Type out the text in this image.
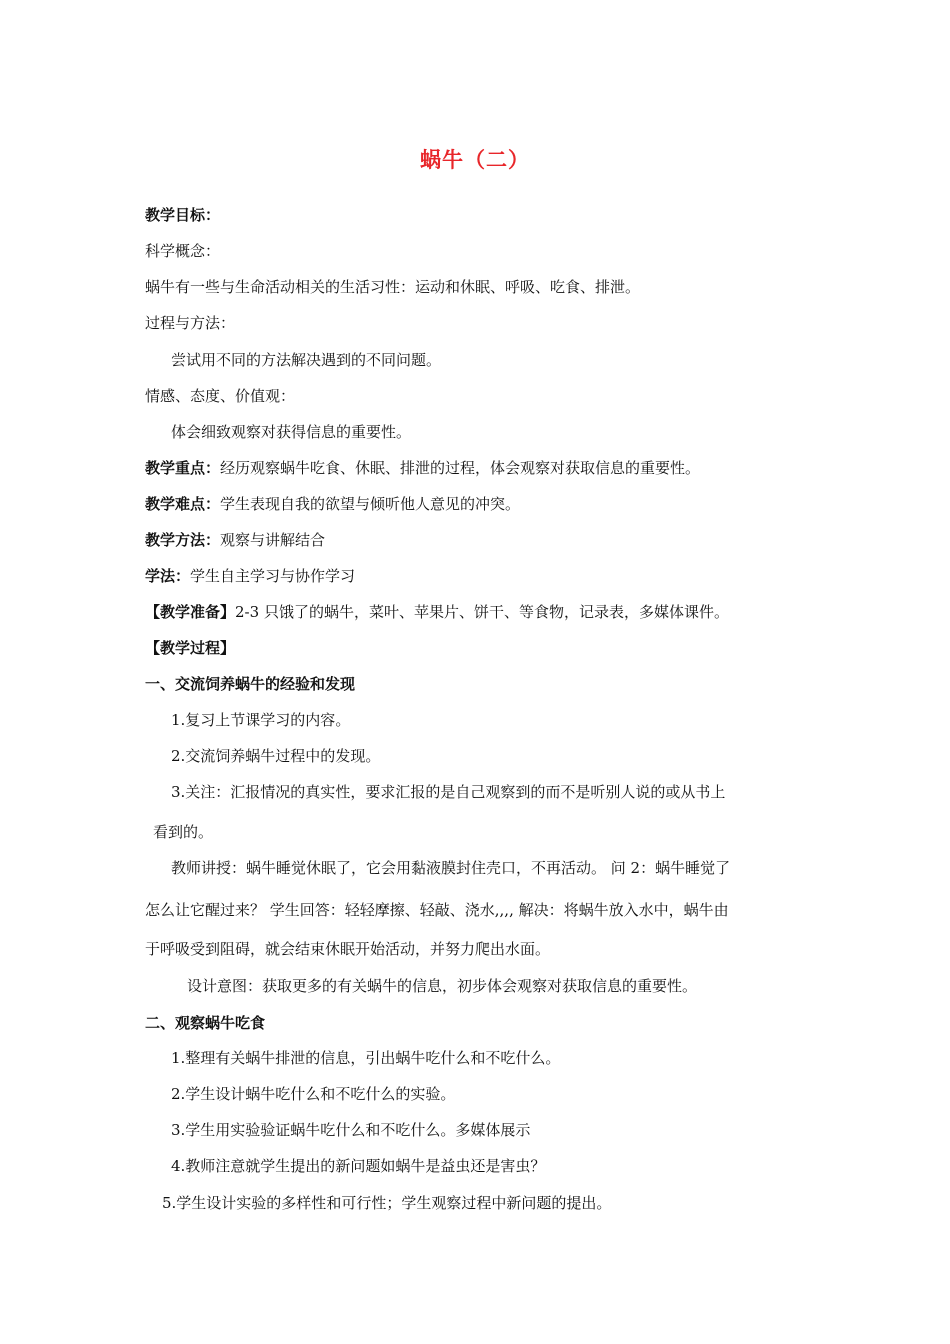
蜗牛（二）
教学目标：
科学概念：
蜗牛有一些与生命活动相关的生活习性：运动和休眠、呼吸、吃食、排泄。
过程与方法：
尝试用不同的方法解决遇到的不同问题。
情感、态度、价值观：
体会细致观察对获得信息的重要性。
教学重点：经历观察蜗牛吃食、休眠、排泄的过程，体会观察对获取信息的重要性。
教学难点：学生表现自我的欲望与倾听他人意见的冲突。
教学方法：观察与讲解结合
学法：学生自主学习与协作学习
【教学准备】2-3 只饿了的蜗牛，菜叶、苹果片、饼干、等食物，记录表，多媒体课件。
【教学过程】
一、交流饲养蜗牛的经验和发现
1.复习上节课学习的内容。
2.交流饲养蜗牛过程中的发现。
3.关注：汇报情况的真实性，要求汇报的是自己观察到的而不是听别人说的或从书上
看到的。
教师讲授：蜗牛睡觉休眠了，它会用黏液膜封住壳口，不再活动。 问 2：蜗牛睡觉了
怎么让它醒过来？ 学生回答：轻轻摩擦、轻敲、浇水,,,, 解决：将蜗牛放入水中，蜗牛由
于呼吸受到阻碍，就会结束休眠开始活动，并努力爬出水面。
设计意图：获取更多的有关蜗牛的信息，初步体会观察对获取信息的重要性。
二、观察蜗牛吃食
1.整理有关蜗牛排泄的信息，引出蜗牛吃什么和不吃什么。
2.学生设计蜗牛吃什么和不吃什么的实验。
3.学生用实验验证蜗牛吃什么和不吃什么。多媒体展示
4.教师注意就学生提出的新问题如蜗牛是益虫还是害虫？
5.学生设计实验的多样性和可行性；学生观察过程中新问题的提出。
